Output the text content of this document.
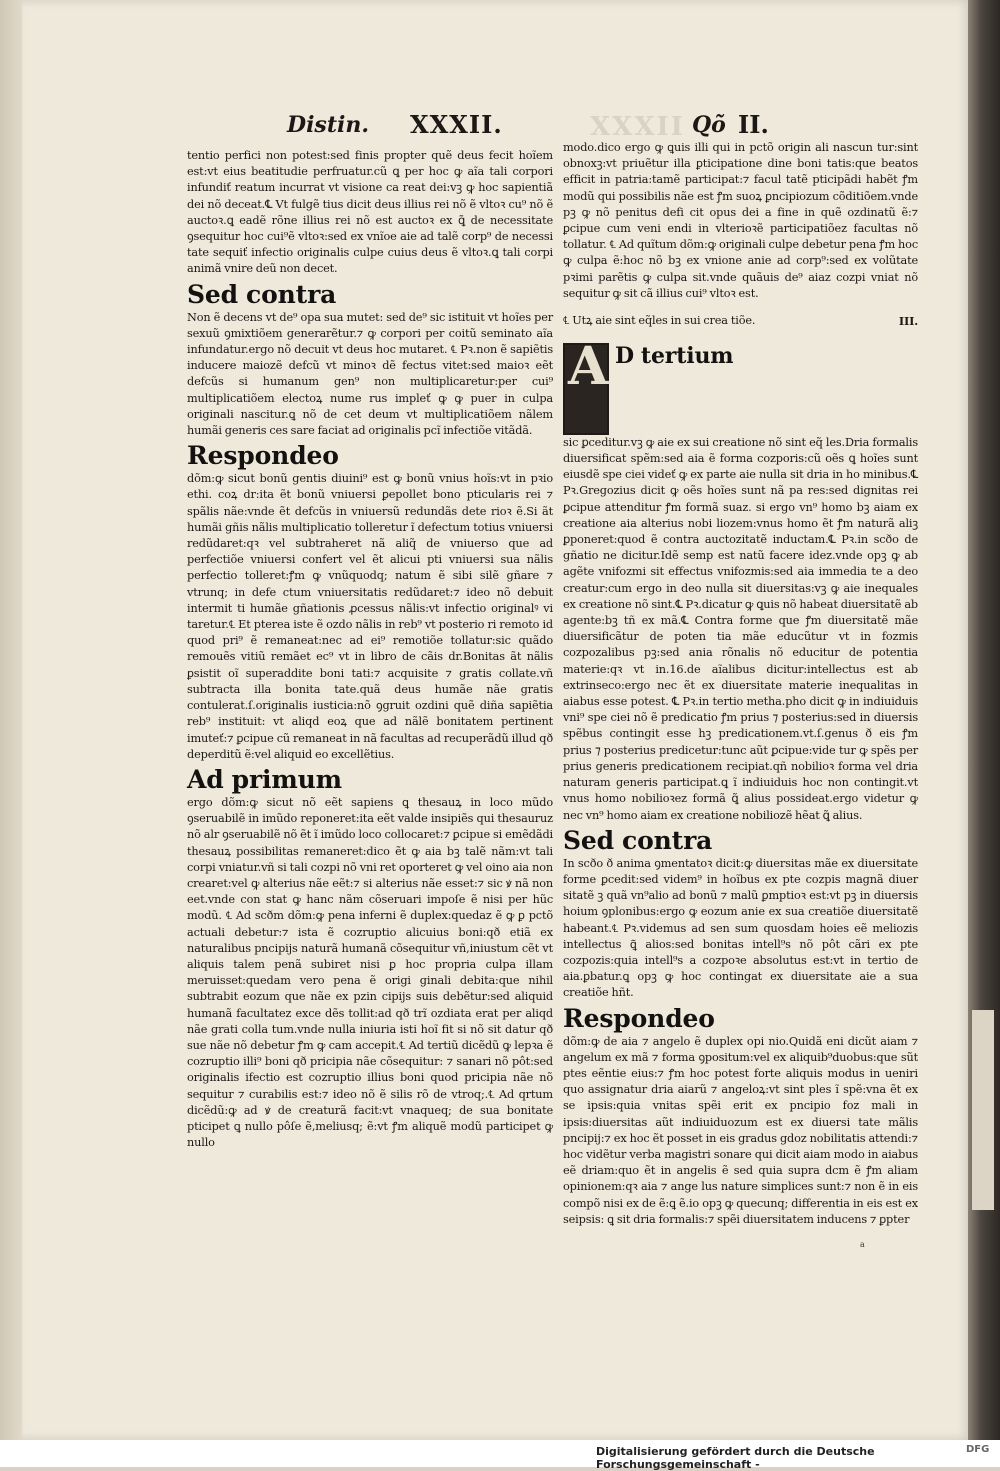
XXXII
Distin. XXXII.	Qõ II.

tentio perfici non potest:sed finis propter quẽ deus fecit hoĩem est:vt eius beatitudie perfruatur.cũ ꝗ per hoc ꝙ aĩa tali corpori infundiť reatum incurrat vt visione ca reat dei:vꝫ ꝙ hoc sapientiã dei nõ deceat.℄ Vt fulgẽ tius dicit deus illius rei nõ ẽ vltoꝛ cu⁹ nõ ẽ auctoꝛ.ꝗ eadẽ rõne illius rei nõ est auctoꝛ ex ꝗ̃ de necessitate ꝯsequitur hoc cui⁹ẽ vltoꝛ:sed ex vnĩoe aie ad talẽ corp⁹ de necessi tate sequiť infectio originalis culpe cuius deus ẽ vltoꝛ.ꝗ tali corpi animã vnire deũ non decet.

Sed contra

Non ẽ decens vt de⁹ opa sua mutet: sed de⁹ sic istituit vt hoĩes per sexuũ ꝯmixtiõem generarẽtur.⁊ ꝙ corpori per coitũ seminato aĩa infundatur.ergo nõ decuit vt deus hoc mutaret. ℄ Pꝛ.non ẽ sapiẽtis inducere maiozẽ defcũ vt minoꝛ dẽ fectus vitet:sed maioꝛ eẽt defcũs si humanum gen⁹ non multiplicaretur:per cui⁹ multiplicatiõem electoꝝ nume rus impleť ꝙ ꝙ puer in culpa originali nascitur.ꝗ nõ de cet deum vt multiplicatiõem nãlem humãi generis ces sare faciat ad originalis pcĩ infectiõe vitãdã.

Respondeo

dõm:ꝙ sicut bonũ gentis diuini⁹ est ꝙ bonũ vnius hoĩs:vt in pꝛio ethi. coꝝ dr:ita ẽt bonũ vniuersi ꝑepollet bono pticularis rei ⁊ spãlis nãe:vnde ẽt defcũs in vniuersũ redundãs dete rioꝛ ẽ.Si ãt humãi gñis nãlis multiplicatio tolleretur ĩ defectum totius vniuersi redũdaret:qꝛ vel subtraheret nã aliq̃ de vniuerso que ad perfectiõe vniuersi confert vel ẽt alicui pti vniuersi sua nãlis perfectio tolleret:ꝭm ꝙ vnũquodq; natum ẽ sibi silẽ gñare ⁊ vtrunq; in defe ctum vniuersitatis redũdaret:⁊ ideo nõ debuit intermit ti humãe gñationis ꝓcessus nãlis:vt infectio originalꝰ vi taretur.℄ Et pterea iste ẽ ozdo nãlis in reb⁹ vt posterio ri remoto id quod pri⁹ ẽ remaneat:nec ad ei⁹ remotiõe tollatur:sic quãdo remouẽs vitiũ remãet ec⁹ vt in libro de cãis dr.Bonitas ãt nãlis ꝑsistit oĩ superaddite boni tati:⁊ acquisite ⁊ gratis collate.vñ subtracta illa bonita tate.quã deus humãe nãe gratis contulerat.ſ.originalis iusticia:nõ ꝯgruit ozdini quẽ diña sapiẽtia reb⁹ instituit: vt aliqd eoꝝ que ad nãlẽ bonitatem pertinent imuteť:⁊ ꝑcipue cũ remaneat in nã facultas ad recuperãdũ illud qð deperditũ ẽ:vel aliquid eo excellẽtius.

Ad primum

ergo dõm:ꝙ sicut nõ eẽt sapiens ꝗ thesauꝝ in loco mũdo ꝯseruabilẽ in imũdo reponeret:ita eẽt valde insipiẽs qui thesauruz nõ alr ꝯseruabilẽ nõ ẽt ĩ imũdo loco collocaret:⁊ ꝑcipue si emẽdãdi thesauꝝ possibilitas remaneret:dico ẽt ꝙ aia bꝫ talẽ nãm:vt tali corpi vniatur.vñ si tali cozpi nõ vni ret oporteret ꝙ vel oino aia non crearet:vel ꝙ alterius nãe eẽt:⁊ si alterius nãe esset:⁊ sic ꝟ nã non eet.vnde con stat ꝙ hanc nãm cõseruari impoſe ẽ nisi per hũc modũ. ℄ Ad scðm dõm:ꝙ pena inferni ẽ duplex:quedaz ẽ ꝙ ꝑ pctõ actuali debetur:⁊ ista ẽ cozruptio alicuius boni:qð etiã ex naturalibus pncipijs naturã humanã cõsequitur vñ,iniustum cẽt vt aliquis talem penã subiret nisi ꝑ hoc propria culpa illam meruisset:quedam vero pena ẽ origi ginali debita:que nihil subtrabit eozum que nãe ex pzin cipijs suis debẽtur:sed aliquid humanã facultatez exce dẽs tollit:ad qð trĩ ozdiata erat per aliqd nãe grati colla tum.vnde nulla iniuria isti hoĩ fit si nõ sit datur qð sue nãe nõ debetur ꝭm ꝙ cam accepit.℄ Ad tertiũ dicẽdũ ꝙ lepꝛa ẽ cozruptio illi⁹ boni qð pricipia nãe cõsequitur: ⁊ sanari nõ pôt:sed originalis ifectio est cozruptio illius boni quod pricipia nãe nõ sequitur ⁊ curabilis est:⁊ ideo nõ ẽ silis rõ de vtroq;.℄ Ad qrtum dicẽdũ:ꝙ ad ꝟ de creaturã facit:vt vnaqueq; de sua bonitate pticipet ꝗ nullo pôſe ẽ,meliusq; ẽ:vt ꝭm aliquẽ modũ participet ꝙ nullo

modo.dico ergo ꝙ ꝗuis illi qui in pctõ origin ali nascun tur:sint obnoxꝫ:vt priuẽtur illa ꝑticipatione dine boni tatis:que beatos efficit in patria:tamẽ participat:⁊ facul tatẽ pticipãdi habẽt ꝭm modũ qui possibilis nãe est ꝭm suoꝝ ꝑncipiozum cõditiõem.vnde pꝫ ꝙ nõ penitus defi cit opus dei a fine in quẽ ozdinatũ ẽ:⁊ ꝑcipue cum veni endi in vlterioꝛẽ participatiõez facultas nõ tollatur. ℄ Ad quĩtum dõm:ꝙ originali culpe debetur pena ꝭm hoc ꝙ culpa ẽ:hoc nõ bꝫ ex vnione anie ad corp⁹:sed ex volũtate pꝛimi parẽtis ꝙ culpa sit.vnde quãuis de⁹ aiaz cozpi vniat nõ sequitur ꝙ sit cã illius cui⁹ vltoꝛ est.

III.
℄ Utꝝ aie sint eq̃les in sui crea tiõe.

A D tertium

sic ꝑceditur.vꝫ ꝙ aie ex sui creatione nõ sint eq̃ les.Dria formalis diuersificat spẽm:sed aia ẽ forma cozporis:cũ oẽs ꝗ hoĩes sunt eiusdẽ spe ciei videť ꝙ ex parte aie nulla sit dria in ho minibus.℄ Pꝛ.Gregozius dicit ꝙ oẽs hoĩes sunt nã pa res:sed dignitas rei ꝑcipue attenditur ꝭm formã suaz. si ergo vn⁹ homo bꝫ aiam ex creatione aia alterius nobi liozem:vnus homo ẽt ꝭm naturã aliꝫ ꝑponeret:quod ẽ contra auctozitatẽ inductam.℄ Pꝛ.in scðo de gñatio ne dicitur.Idẽ semp est natũ facere idez.vnde opꝫ ꝙ ab agẽte vnifozmi sit effectus vnifozmis:sed aia immedia te a deo creatur:cum ergo in deo nulla sit diuersitas:vꝫ ꝙ aie inequales ex creatione nõ sint.℄ Pꝛ.dicatur ꝙ ꝗuis nõ habeat diuersitatẽ ab agente:bꝫ tñ ex mã.℄ Contra forme que ꝭm diuersitatẽ mãe diuersificãtur de poten tia mãe educũtur vt in fozmis cozpozalibus pꝫ:sed ania rõnalis nõ educitur de potentia materie:qꝛ vt in.16.de aĩalibus dicitur:intellectus est ab extrinseco:ergo nec ẽt ex diuersitate materie inequalitas in aiabus esse potest. ℄ Pꝛ.in tertio metha.pho dicit ꝙ in indiuiduis vni⁹ spe ciei nõ ẽ predicatio ꝭm prius ⁊ posterius:sed in diuersis spẽbus contingit esse hꝫ predicationem.vt.ſ.genus ð eis ꝭm prius ⁊ posterius predicetur:tunc aũt ꝑcipue:vide tur ꝙ spẽs per prius generis predicationem recipiat.qñ nobilioꝛ forma vel dria naturam generis participat.ꝗ ĩ indiuiduis hoc non contingit.vt vnus homo nobilioꝛez formã ꝗ̃ alius possideat.ergo videtur ꝙ nec vn⁹ homo aiam ex creatione nobiliozẽ hẽat ꝗ̃ alius.

Sed contra

In scðo ð anima ꝯmentatoꝛ dicit:ꝙ diuersitas mãe ex diuersitate forme ꝑcedit:sed videm⁹ in hoĩbus ex pte cozpis magnã diuer sitatẽ ꝫ quã vn⁹alio ad bonũ ⁊ malũ ꝑmptioꝛ est:vt pꝫ in diuersis hoium ꝯplonibus:ergo ꝙ eozum anie ex sua creatiõe diuersitatẽ habeant.℄ Pꝛ.videmus ad sen sum quosdam hoies eẽ meliozis intellectus ꝗ̃ alios:sed bonitas intell⁹s nõ pôt cãri ex pte cozpozis:quia intell⁹s a cozpoꝛe absolutus est:vt in tertio de aia.ꝑbatur.ꝗ opꝫ ꝙ hoc contingat ex diuersitate aie a sua creatiõe hñt.

Respondeo

dõm:ꝙ de aia ⁊ angelo ẽ duplex opi nio.Quidã eni dicũt aiam ⁊ angelum ex mã ⁊ forma ꝯpositum:vel ex aliquib⁹duobus:que sũt ptes eẽntie eius:⁊ ꝭm hoc potest forte aliquis modus in ueniri quo assignatur dria aiarũ ⁊ angeloꝝ:vt sint ples ĩ spẽ:vna ẽt ex se ipsis:quia vnitas spẽi erit ex pncipio foz mali in ipsis:diuersitas aũt indiuiduozum est ex diuersi tate mãlis pncipij:⁊ ex hoc ẽt posset in eis gradus gdoz nobilitatis attendi:⁊ hoc vidẽtur verba magistri sonare qui dicit aiam modo in aiabus eẽ driam:quo ẽt in angelis ẽ sed quia supra dcm ẽ ꝭm aliam opinionem:qꝛ aia ⁊ ange lus nature simplices sunt:⁊ non ẽ in eis compõ nisi ex de ẽ:ꝗ ẽ.io opꝫ ꝙ quecunq; differentia in eis est ex seipsis: ꝗ sit dria formalis:⁊ spẽi diuersitatem inducens ⁊ ꝑpter

a
Digitalisierung gefördert durch die Deutsche Forschungsgemeinschaft -
DFG
